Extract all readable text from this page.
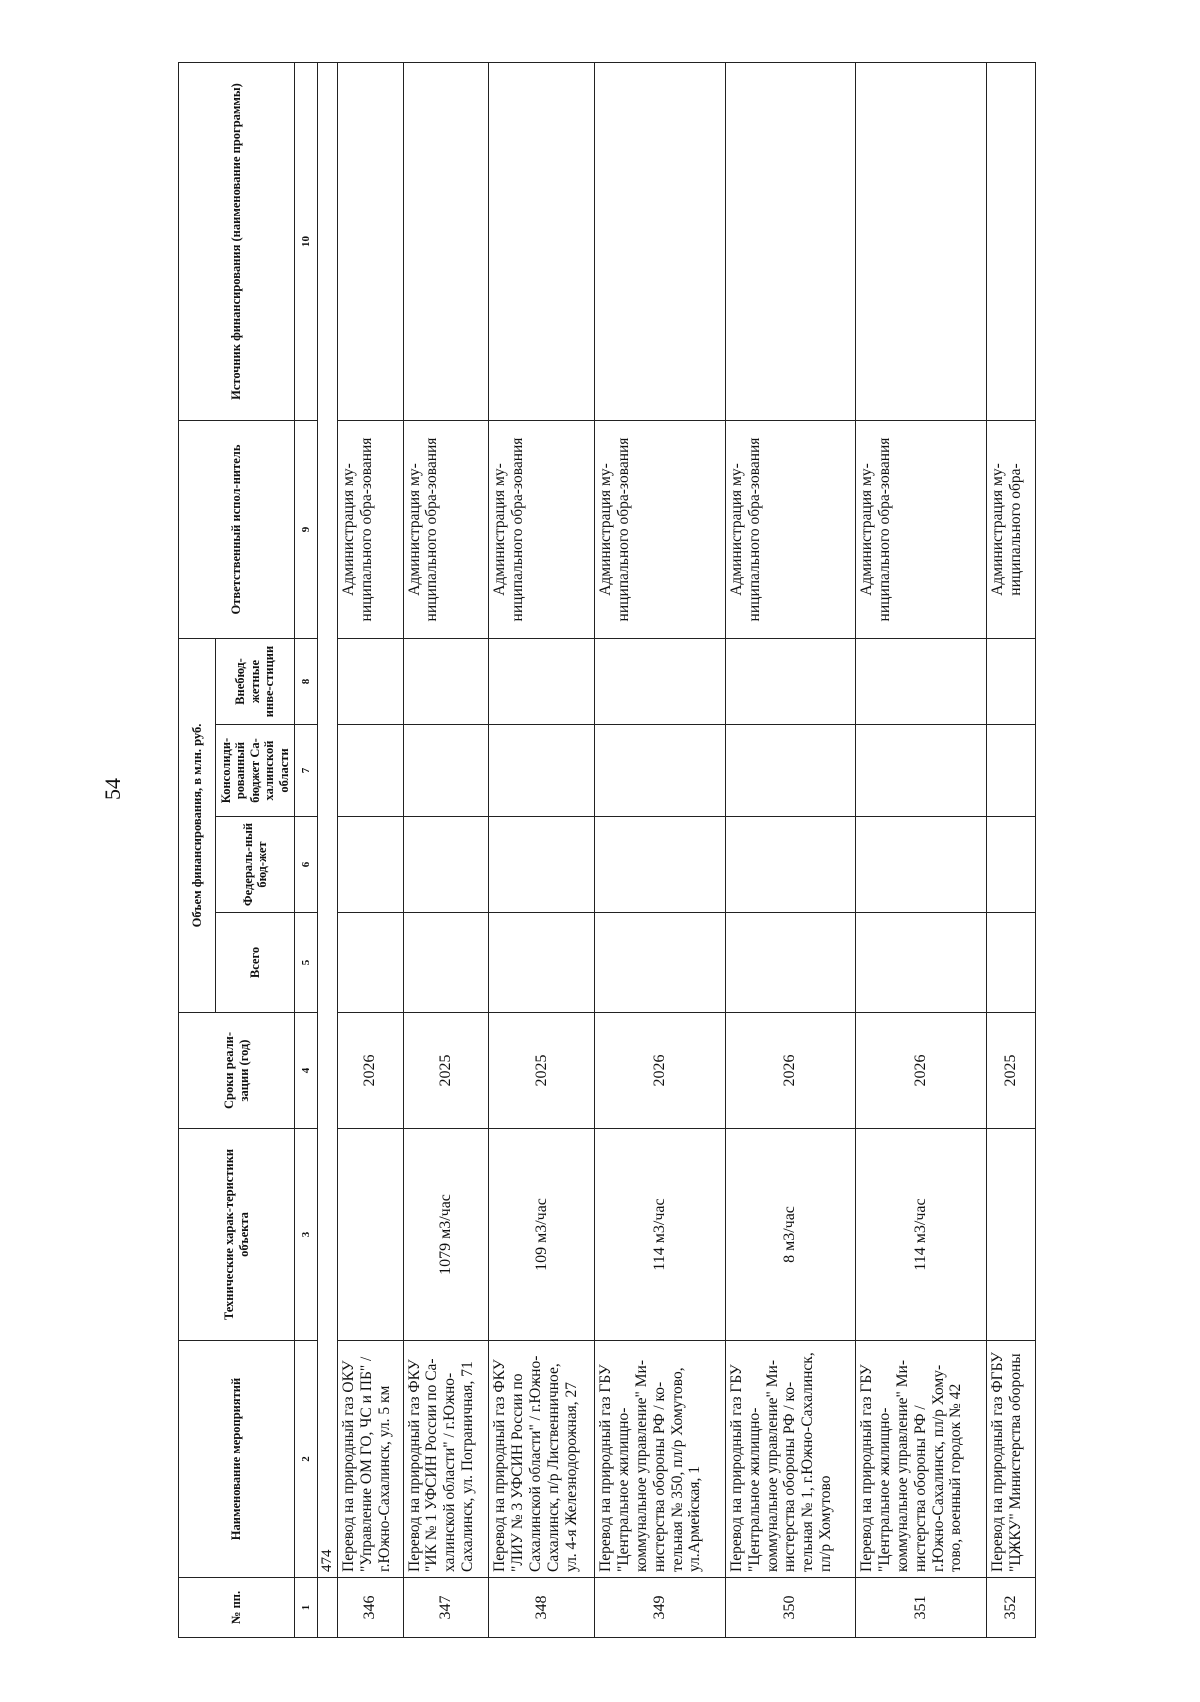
54
№ пп.	Наименование мероприятий	Технические харак-теристики объекта	Сроки реали-зации (год)	Объем финансирования, в млн. руб.				Ответственный испол-нитель	Источник финансирования (наименование программы)
				Всего	Федераль-ный бюд-жет	Консолиди-рованный бюджет Са-халинской области	Внебюд-жетные инве-стиции		
1	2	3	4	5	6	7	8	9	10
	474								
346	Перевод на природный газ ОКУ "Управление ОМ ГО, ЧС и ПБ" / г.Южно-Сахалинск, ул. 5 км		2026					Администрация му-ниципального обра-зования	
347	Перевод на природный газ ФКУ "ИК № 1 УФСИН России по Са-халинской области" / г.Южно-Сахалинск, ул. Пограничная, 71	1079 м3/час	2025					Администрация му-ниципального обра-зования	
348	Перевод на природный газ ФКУ "ЛИУ № 3 УФСИН России по Сахалинской области" / г.Южно-Сахалинск, п/р Лиственничное, ул. 4-я Железнодорожная, 27	109 м3/час	2025					Администрация му-ниципального обра-зования	
349	Перевод на природный газ ГБУ "Центральное жилищно-коммунальное управление" Ми-нистерства обороны РФ / ко-тельная № 350, пл/р Хомутово, ул.Армейская, 1	114 м3/час	2026					Администрация му-ниципального обра-зования	
350	Перевод на природный газ ГБУ "Центральное жилищно-коммунальное управление" Ми-нистерства обороны РФ / ко-тельная № 1, г.Южно-Сахалинск, пл/р Хомутово	8 м3/час	2026					Администрация му-ниципального обра-зования	
351	Перевод на природный газ ГБУ "Центральное жилищно-коммунальное управление" Ми-нистерства обороны РФ / г.Южно-Сахалинск, пл/р Хому-тово, военный городок № 42	114 м3/час	2026					Администрация му-ниципального обра-зования	
352	Перевод на природный газ ФГБУ "ЦЖКУ" Министерства обороны		2025					Администрация му-ниципального обра-	
